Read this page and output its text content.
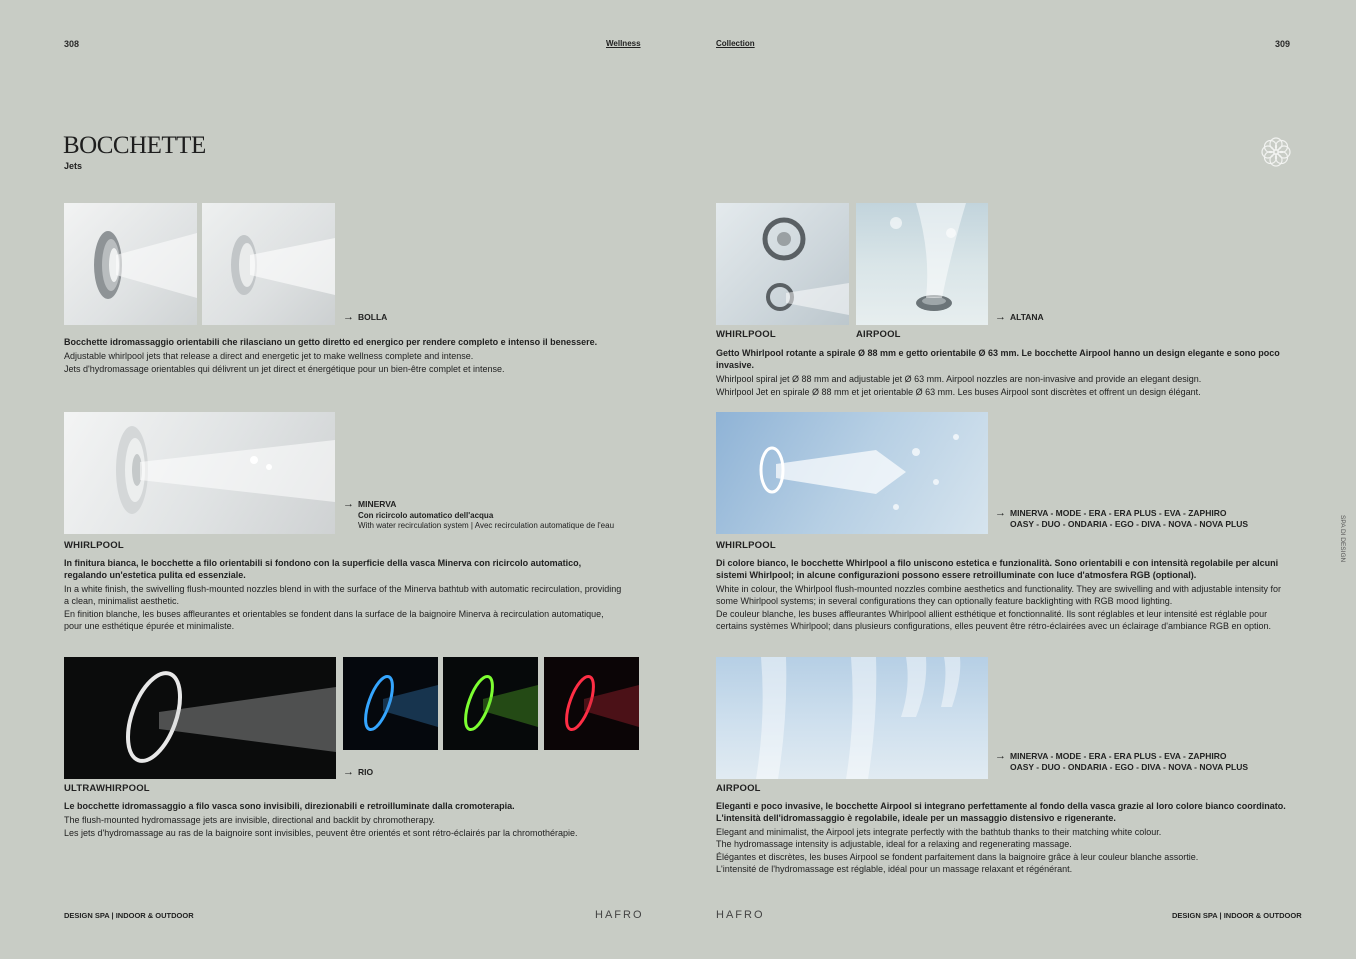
308	Wellness
BOCCHETTE
Jets
→ BOLLA

Bocchette idromassaggio orientabili che rilasciano un getto diretto ed energico per rendere completo e intenso il benessere.

Adjustable whirlpool jets that release a direct and energetic jet to make wellness complete and intense.

Jets d'hydromassage orientables qui délivrent un jet direct et énergétique pour un bien-être complet et intense.

→ MINERVA
Con ricircolo automatico dell'acqua
With water recirculation system | Avec recirculation automatique de l'eau
WHIRLPOOL

In finitura bianca, le bocchette a filo orientabili si fondono con la superficie della vasca Minerva con ricircolo automatico, regalando un'estetica pulita ed essenziale.

In a white finish, the swivelling flush-mounted nozzles blend in with the surface of the Minerva bathtub with automatic recirculation, providing a clean, minimalist aesthetic.

En finition blanche, les buses affleurantes et orientables se fondent dans la surface de la baignoire Minerva à recirculation automatique, pour une esthétique épurée et minimaliste.

→ RIO
ULTRAWHIRPOOL

Le bocchette idromassaggio a filo vasca sono invisibili, direzionabili e retroilluminate dalla cromoterapia.

The flush-mounted hydromassage jets are invisible, directional and backlit by chromotherapy.

Les jets d'hydromassage au ras de la baignoire sont invisibles, peuvent être orientés et sont rétro-éclairés par la chromothérapie.

DESIGN SPA | INDOOR & OUTDOOR	HAFRO
Collection	309
→ ALTANA
WHIRLPOOL	AIRPOOL

Getto Whirlpool rotante a spirale Ø 88 mm e getto orientabile Ø 63 mm. Le bocchette Airpool hanno un design elegante e sono poco invasive.

Whirlpool spiral jet Ø 88 mm and adjustable jet Ø 63 mm. Airpool nozzles are non-invasive and provide an elegant design.

Whirlpool Jet en spirale Ø 88 mm et jet orientable Ø 63 mm. Les buses Airpool sont discrètes et offrent un design élégant.

→ MINERVA - MODE - ERA - ERA PLUS - EVA - ZAPHIRO
OASY - DUO - ONDARIA - EGO - DIVA - NOVA - NOVA PLUS
WHIRLPOOL

Di colore bianco, le bocchette Whirlpool a filo uniscono estetica e funzionalità. Sono orientabili e con intensità regolabile per alcuni sistemi Whirlpool; in alcune configurazioni possono essere retroilluminate con luce d'atmosfera RGB (optional).

White in colour, the Whirlpool flush-mounted nozzles combine aesthetics and functionality. They are swivelling and with adjustable intensity for some Whirlpool systems; in several configurations they can optionally feature backlighting with RGB mood lighting.

De couleur blanche, les buses affleurantes Whirlpool allient esthétique et fonctionnalité. Ils sont réglables et leur intensité est réglable pour certains systèmes Whirlpool; dans plusieurs configurations, elles peuvent être rétro-éclairées avec un éclairage d'ambiance RGB en option.

→ MINERVA - MODE - ERA - ERA PLUS - EVA - ZAPHIRO
OASY - DUO - ONDARIA - EGO - DIVA - NOVA - NOVA PLUS
AIRPOOL

Eleganti e poco invasive, le bocchette Airpool si integrano perfettamente al fondo della vasca grazie al loro colore bianco coordinato.

L'intensità dell'idromassaggio è regolabile, ideale per un massaggio distensivo e rigenerante.

Elegant and minimalist, the Airpool jets integrate perfectly with the bathtub thanks to their matching white colour.

The hydromassage intensity is adjustable, ideal for a relaxing and regenerating massage.

Élégantes et discrètes, les buses Airpool se fondent parfaitement dans la baignoire grâce à leur couleur blanche assortie.

L'intensité de l'hydromassage est réglable, idéal pour un massage relaxant et régénérant.

SPA DI DESIGN
HAFRO	DESIGN SPA | INDOOR & OUTDOOR
